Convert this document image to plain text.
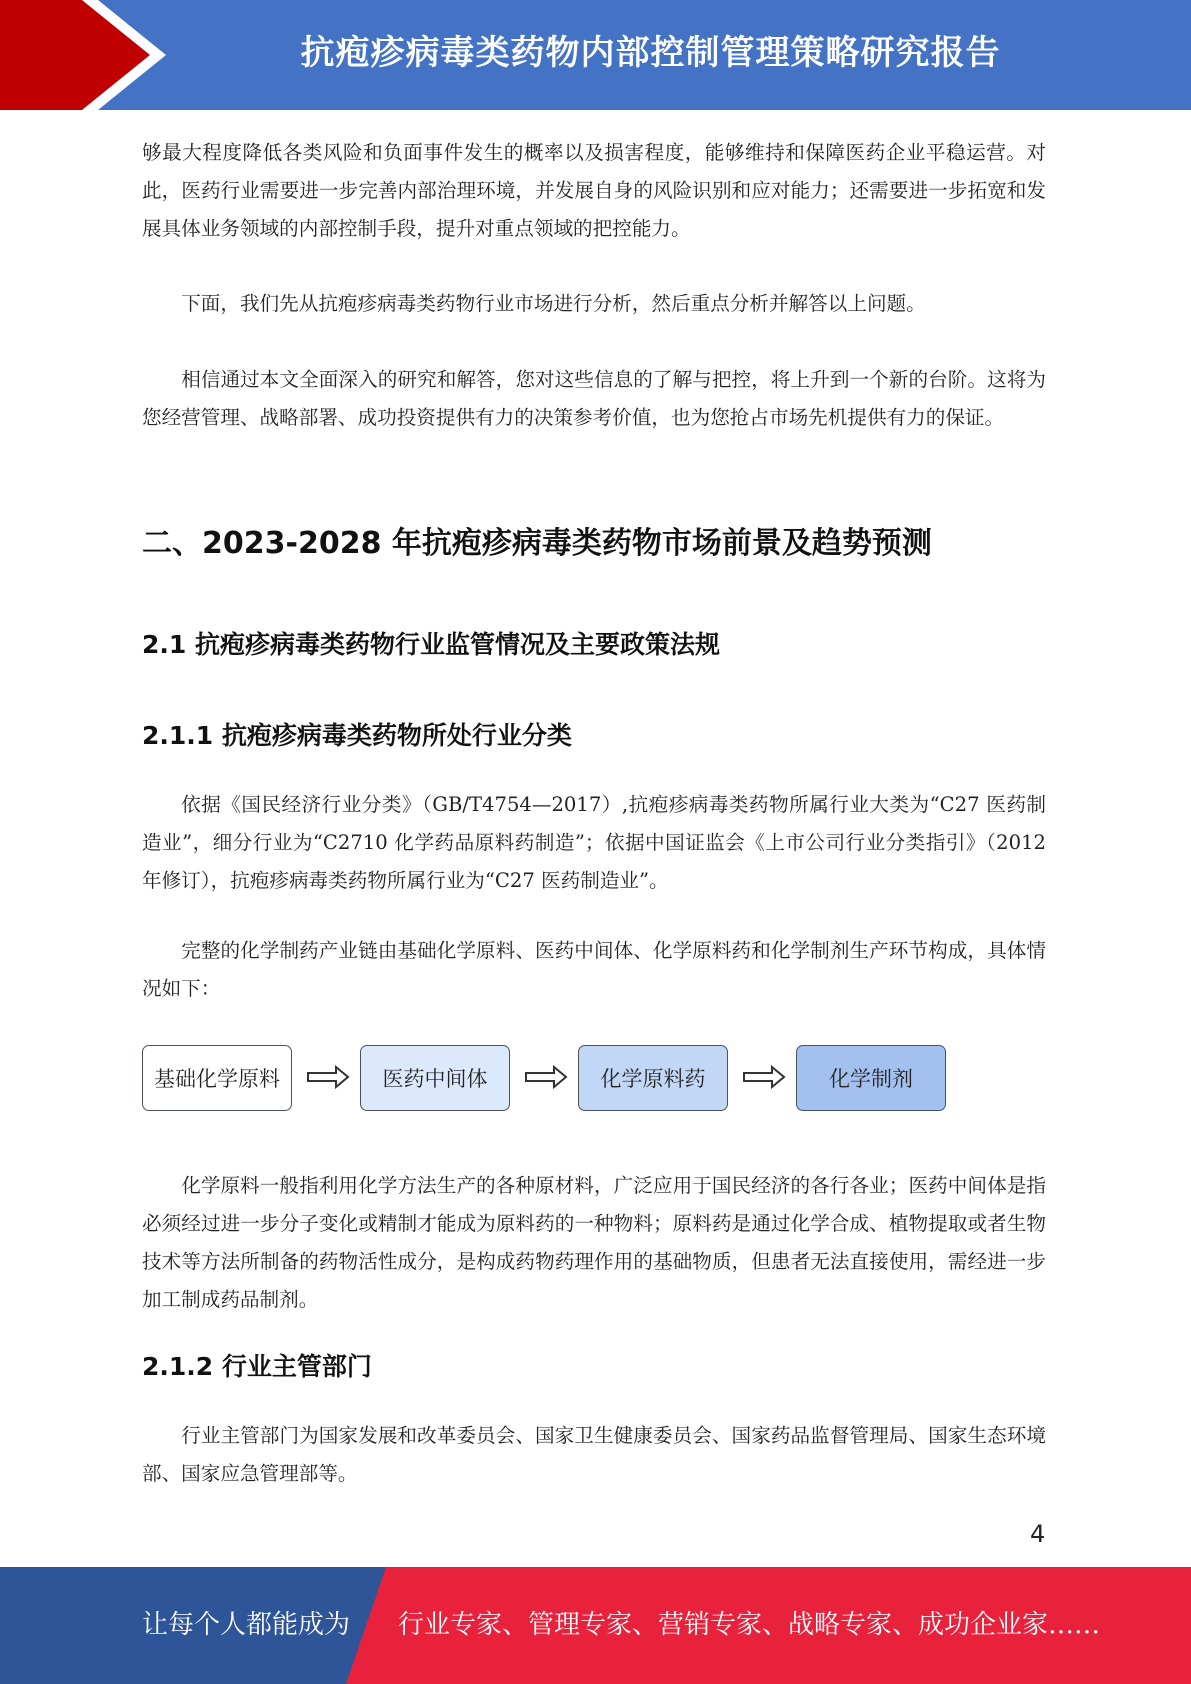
抗疱疹病毒类药物内部控制管理策略研究报告

够最大程度降低各类风险和负面事件发生的概率以及损害程度，能够维持和保障医药企业平稳运营。对此，医药行业需要进一步完善内部治理环境，并发展自身的风险识别和应对能力；还需要进一步拓宽和发展具体业务领域的内部控制手段，提升对重点领域的把控能力。

下面，我们先从抗疱疹病毒类药物行业市场进行分析，然后重点分析并解答以上问题。

相信通过本文全面深入的研究和解答，您对这些信息的了解与把控，将上升到一个新的台阶。这将为您经营管理、战略部署、成功投资提供有力的决策参考价值，也为您抢占市场先机提供有力的保证。

二、2023-2028 年抗疱疹病毒类药物市场前景及趋势预测
2.1 抗疱疹病毒类药物行业监管情况及主要政策法规
2.1.1 抗疱疹病毒类药物所处行业分类

依据《国民经济行业分类》（GB/T4754—2017）,抗疱疹病毒类药物所属行业大类为“C27 医药制造业”，细分行业为“C2710 化学药品原料药制造”；依据中国证监会《上市公司行业分类指引》（2012 年修订），抗疱疹病毒类药物所属行业为“C27 医药制造业”。

完整的化学制药产业链由基础化学原料、医药中间体、化学原料药和化学制剂生产环节构成，具体情况如下：

基础化学原料	医药中间体	化学原料药	化学制剂

化学原料一般指利用化学方法生产的各种原材料，广泛应用于国民经济的各行各业；医药中间体是指必须经过进一步分子变化或精制才能成为原料药的一种物料；原料药是通过化学合成、植物提取或者生物技术等方法所制备的药物活性成分，是构成药物药理作用的基础物质，但患者无法直接使用，需经进一步加工制成药品制剂。

2.1.2 行业主管部门

行业主管部门为国家发展和改革委员会、国家卫生健康委员会、国家药品监督管理局、国家生态环境部、国家应急管理部等。

4
让每个人都能成为 行业专家、管理专家、营销专家、战略专家、成功企业家……
